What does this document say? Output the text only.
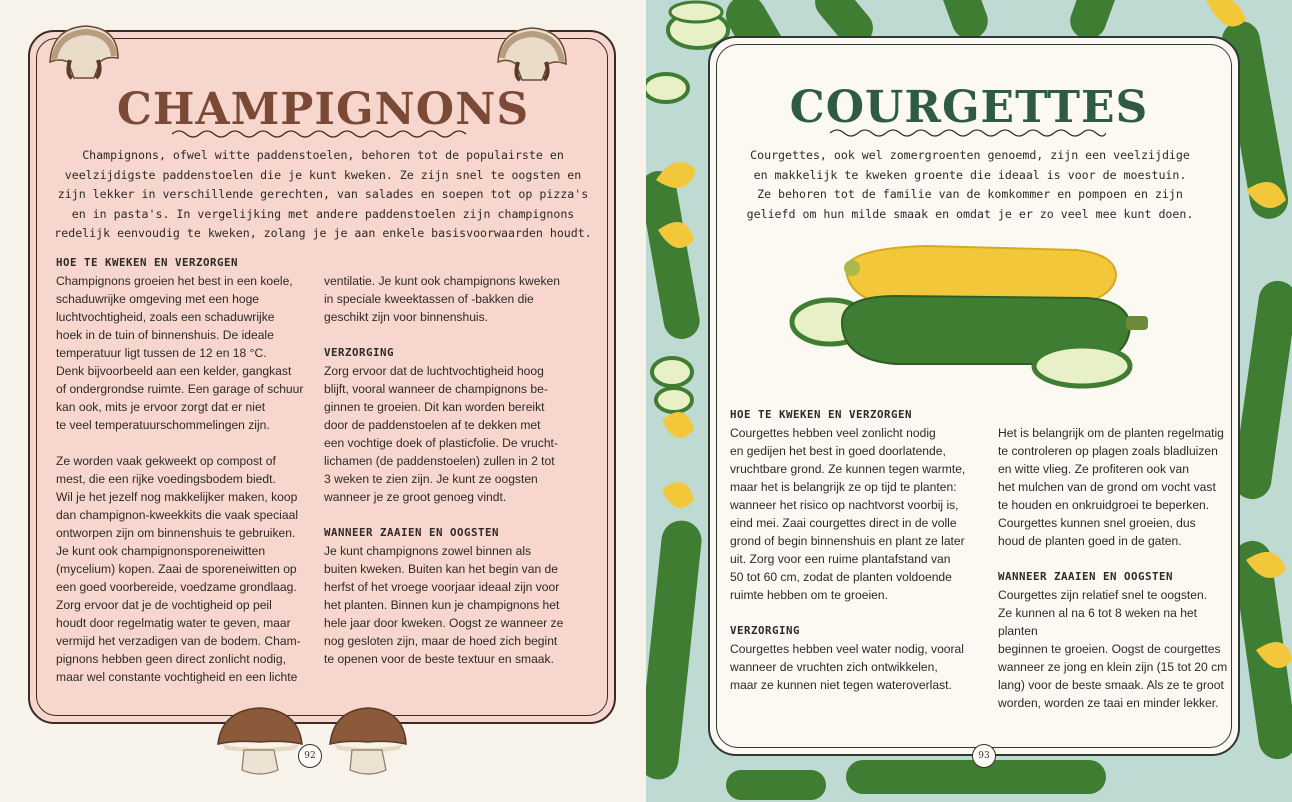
CHAMPIGNONS
Champignons, ofwel witte paddenstoelen, behoren tot de populairste en
veelzijdigste paddenstoelen die je kunt kweken. Ze zijn snel te oogsten en
zijn lekker in verschillende gerechten, van salades en soepen tot op pizza's
en in pasta's. In vergelijking met andere paddenstoelen zijn champignons
redelijk eenvoudig te kweken, zolang je je aan enkele basisvoorwaarden houdt.
HOE TE KWEKEN EN VERZORGEN
Champignons groeien het best in een koele,
schaduwrijke omgeving met een hoge
luchtvochtigheid, zoals een schaduwrijke
hoek in de tuin of binnenshuis. De ideale
temperatuur ligt tussen de 12 en 18 °C.
Denk bijvoorbeeld aan een kelder, gangkast
of ondergrondse ruimte. Een garage of schuur
kan ook, mits je ervoor zorgt dat er niet
te veel temperatuurschommelingen zijn.
Ze worden vaak gekweekt op compost of
mest, die een rijke voedingsbodem biedt.
Wil je het jezelf nog makkelijker maken, koop
dan champignon-kweekkits die vaak speciaal
ontworpen zijn om binnenshuis te gebruiken.
Je kunt ook champignonsporeneiwitten
(mycelium) kopen. Zaai de sporeneiwitten op
een goed voorbereide, voedzame grondlaag.
Zorg ervoor dat je de vochtigheid op peil
houdt door regelmatig water te geven, maar
vermijd het verzadigen van de bodem. Cham-
pignons hebben geen direct zonlicht nodig,
maar wel constante vochtigheid en een lichte
ventilatie. Je kunt ook champignons kweken
in speciale kweektassen of -bakken die
geschikt zijn voor binnenshuis.
VERZORGING
Zorg ervoor dat de luchtvochtigheid hoog
blijft, vooral wanneer de champignons be-
ginnen te groeien. Dit kan worden bereikt
door de paddenstoelen af te dekken met
een vochtige doek of plasticfolie. De vrucht-
lichamen (de paddenstoelen) zullen in 2 tot
3 weken te zien zijn. Je kunt ze oogsten
wanneer je ze groot genoeg vindt.
WANNEER ZAAIEN EN OOGSTEN
Je kunt champignons zowel binnen als
buiten kweken. Buiten kan het begin van de
herfst of het vroege voorjaar ideaal zijn voor
het planten. Binnen kun je champignons het
hele jaar door kweken. Oogst ze wanneer ze
nog gesloten zijn, maar de hoed zich begint
te openen voor de beste textuur en smaak.
92
COURGETTES
Courgettes, ook wel zomergroenten genoemd, zijn een veelzijdige
en makkelijk te kweken groente die ideaal is voor de moestuin.
Ze behoren tot de familie van de komkommer en pompoen en zijn
geliefd om hun milde smaak en omdat je er zo veel mee kunt doen.
HOE TE KWEKEN EN VERZORGEN
Courgettes hebben veel zonlicht nodig
en gedijen het best in goed doorlatende,
vruchtbare grond. Ze kunnen tegen warmte,
maar het is belangrijk ze op tijd te planten:
wanneer het risico op nachtvorst voorbij is,
eind mei. Zaai courgettes direct in de volle
grond of begin binnenshuis en plant ze later
uit. Zorg voor een ruime plantafstand van
50 tot 60 cm, zodat de planten voldoende
ruimte hebben om te groeien.
VERZORGING
Courgettes hebben veel water nodig, vooral
wanneer de vruchten zich ontwikkelen,
maar ze kunnen niet tegen wateroverlast.
Het is belangrijk om de planten regelmatig
te controleren op plagen zoals bladluizen
en witte vlieg. Ze profiteren ook van
het mulchen van de grond om vocht vast
te houden en onkruidgroei te beperken.
Courgettes kunnen snel groeien, dus
houd de planten goed in de gaten.
WANNEER ZAAIEN EN OOGSTEN
Courgettes zijn relatief snel te oogsten.
Ze kunnen al na 6 tot 8 weken na het planten
beginnen te groeien. Oogst de courgettes
wanneer ze jong en klein zijn (15 tot 20 cm
lang) voor de beste smaak. Als ze te groot
worden, worden ze taai en minder lekker.
93
